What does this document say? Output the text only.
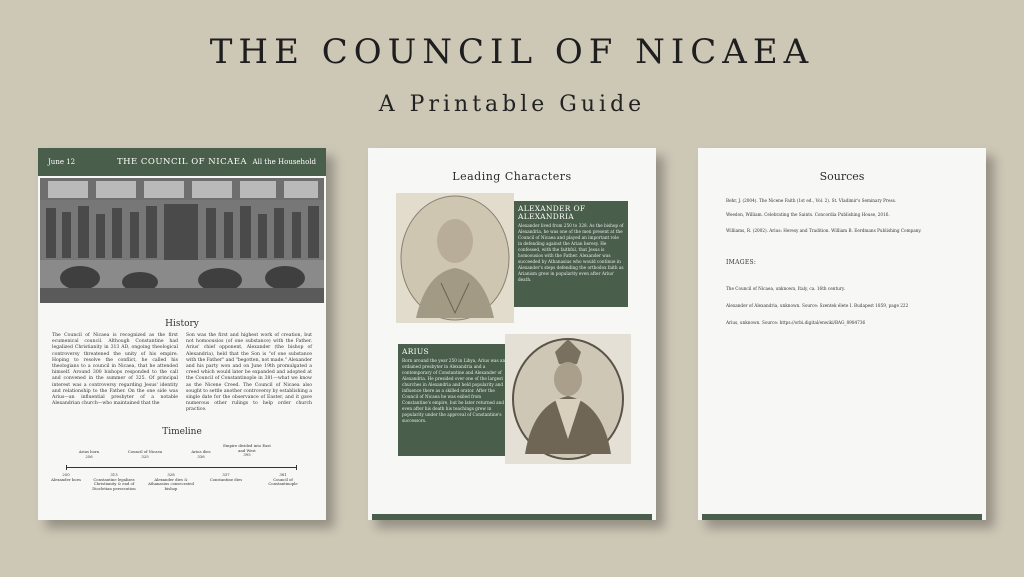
THE COUNCIL OF NICAEA
A Printable Guide
June 12	THE COUNCIL OF NICAEA All the Household
History
The Council of Nicaea is recognized as the first ecumenical council. Although Constantine had legalized Christianity in 313 AD, ongoing theological controversy threatened the unity of his empire. Hoping to resolve the conflict, he called his theologians to a council in Nicaea, that he attended himself. Around 300 bishops responded to the call and convened in the summer of 325. Of principal interest was a controversy regarding Jesus' identity and relationship to the Father. On the one side was Arius—an influential presbyter of a notable Alexandrian church—who maintained that the
Son was the first and highest work of creation, but not homoousios (of one substance) with the Father. Arius' chief opponent, Alexander (the bishop of Alexandria), held that the Son is "of one substance with the Father" and "begotten, not made." Alexander and his party won and on June 19th promulgated a creed which would later be expanded and adopted at the Council of Constantinople in 381—what we know as the Nicene Creed. The Council of Nicaea also sought to settle another controversy by establishing a single date for the observance of Easter, and it gave numerous other rulings to help order church practice.
Timeline
Arius born
256
Council of Nicaea
325
Arius dies
336
Empire divided into East and West
395
250
Alexander born
313
Constantine legalizes Christianity & end of Diocletian persecution
328
Alexander dies & Athanasius consecrated bishop
337
Constantine dies
381
Council of Constantinople
Leading Characters
ALEXANDER OF ALEXANDRIA
Alexander lived from 250 to 328. As the bishop of Alexandria, he was one of the men present at the Council of Nicaea and played an important role in defending against the Arian heresy. He confessed, with the faithful, that Jesus is homoousios with the Father. Alexander was succeeded by Athanasius who would continue in Alexander's steps defending the orthodox faith as Arianism grew in popularity even after Arius' death.
ARIUS
Born around the year 250 in Libya, Arius was an ordained presbyter in Alexandria and a contemporary of Constantine and Alexander of Alexandria. He presided over one of the largest churches in Alexandria and held popularity and influence there as a skilled orator. After the Council of Nicaea he was exiled from Constantine's empire, but he later returned and even after his death his teachings grew in popularity under the approval of Constantine's successors.
Sources
Behr, J. (2004). The Nicene Faith (1st ed., Vol. 2). St. Vladimir's Seminary Press.
Weedon, William. Celebrating the Saints. Concordia Publishing House, 2016.
Williams, R. (2002). Arius: Heresy and Tradition. William B. Eerdmans Publishing Company.
IMAGES:
The Council of Nicaea, unknown, Italy, ca. 16th century.
Alexander of Alexandria, unknown. Source: Szentek élete I. Budapest 1859, page 222
Arius, unknown. Source: https://orbi.digital/enwiki/BAG_8984736
